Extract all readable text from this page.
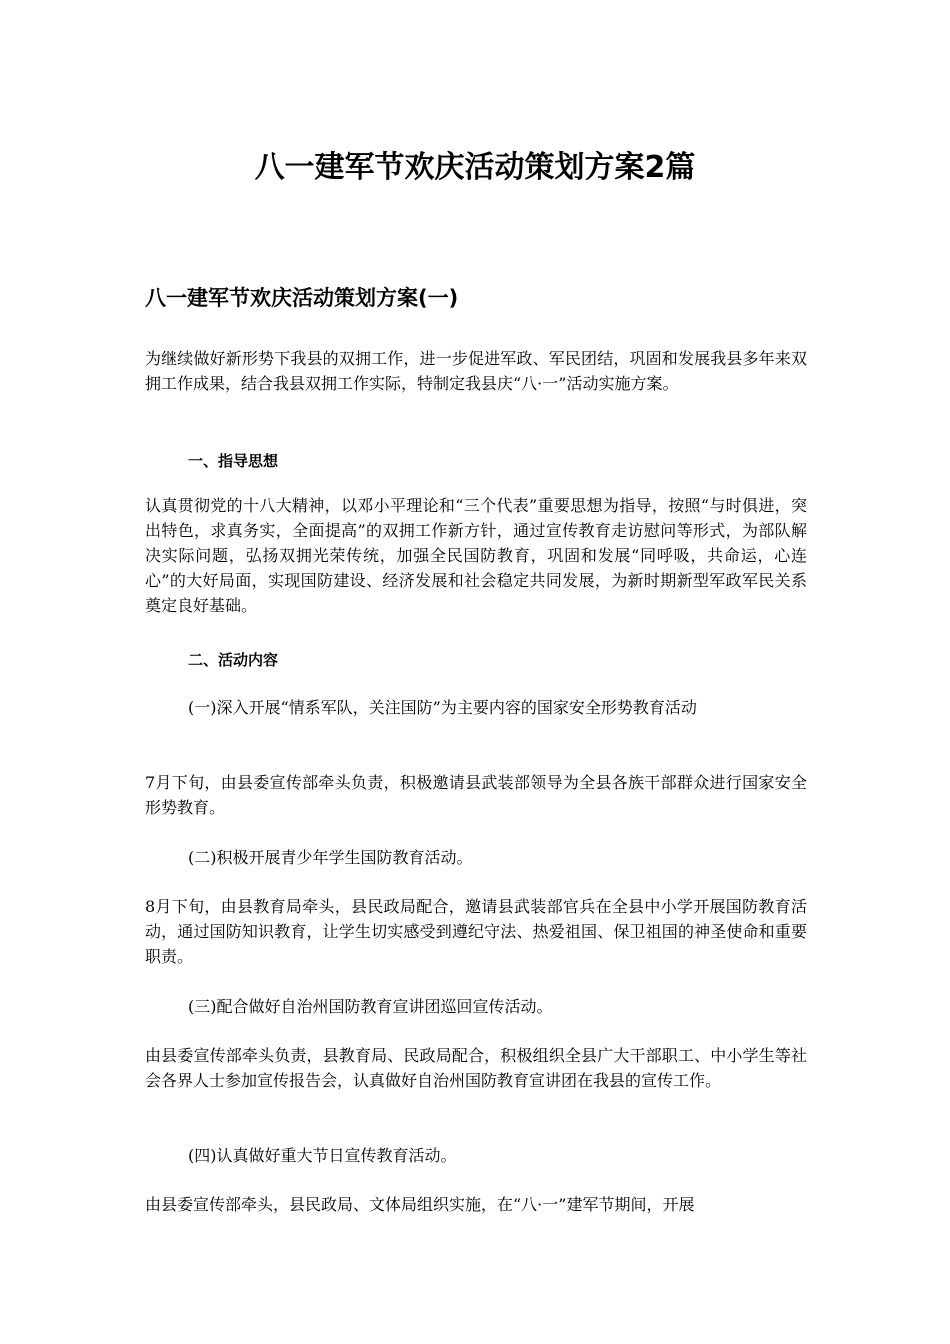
八一建军节欢庆活动策划方案2篇
八一建军节欢庆活动策划方案(一)
为继续做好新形势下我县的双拥工作，进一步促进军政、军民团结，巩固和发展我县多年来双拥工作成果，结合我县双拥工作实际，特制定我县庆“八·一”活动实施方案。
一、指导思想
认真贯彻党的十八大精神，以邓小平理论和“三个代表”重要思想为指导，按照“与时俱进，突出特色，求真务实，全面提高”的双拥工作新方针，通过宣传教育走访慰问等形式，为部队解决实际问题，弘扬双拥光荣传统，加强全民国防教育，巩固和发展“同呼吸，共命运，心连心”的大好局面，实现国防建设、经济发展和社会稳定共同发展，为新时期新型军政军民关系奠定良好基础。
二、活动内容
(一)深入开展“情系军队，关注国防”为主要内容的国家安全形势教育活动
7月下旬，由县委宣传部牵头负责，积极邀请县武装部领导为全县各族干部群众进行国家安全形势教育。
(二)积极开展青少年学生国防教育活动。
8月下旬，由县教育局牵头，县民政局配合，邀请县武装部官兵在全县中小学开展国防教育活动，通过国防知识教育，让学生切实感受到遵纪守法、热爱祖国、保卫祖国的神圣使命和重要职责。
(三)配合做好自治州国防教育宣讲团巡回宣传活动。
由县委宣传部牵头负责，县教育局、民政局配合，积极组织全县广大干部职工、中小学生等社会各界人士参加宣传报告会，认真做好自治州国防教育宣讲团在我县的宣传工作。
(四)认真做好重大节日宣传教育活动。
由县委宣传部牵头，县民政局、文体局组织实施，在“八·一”建军节期间，开展
